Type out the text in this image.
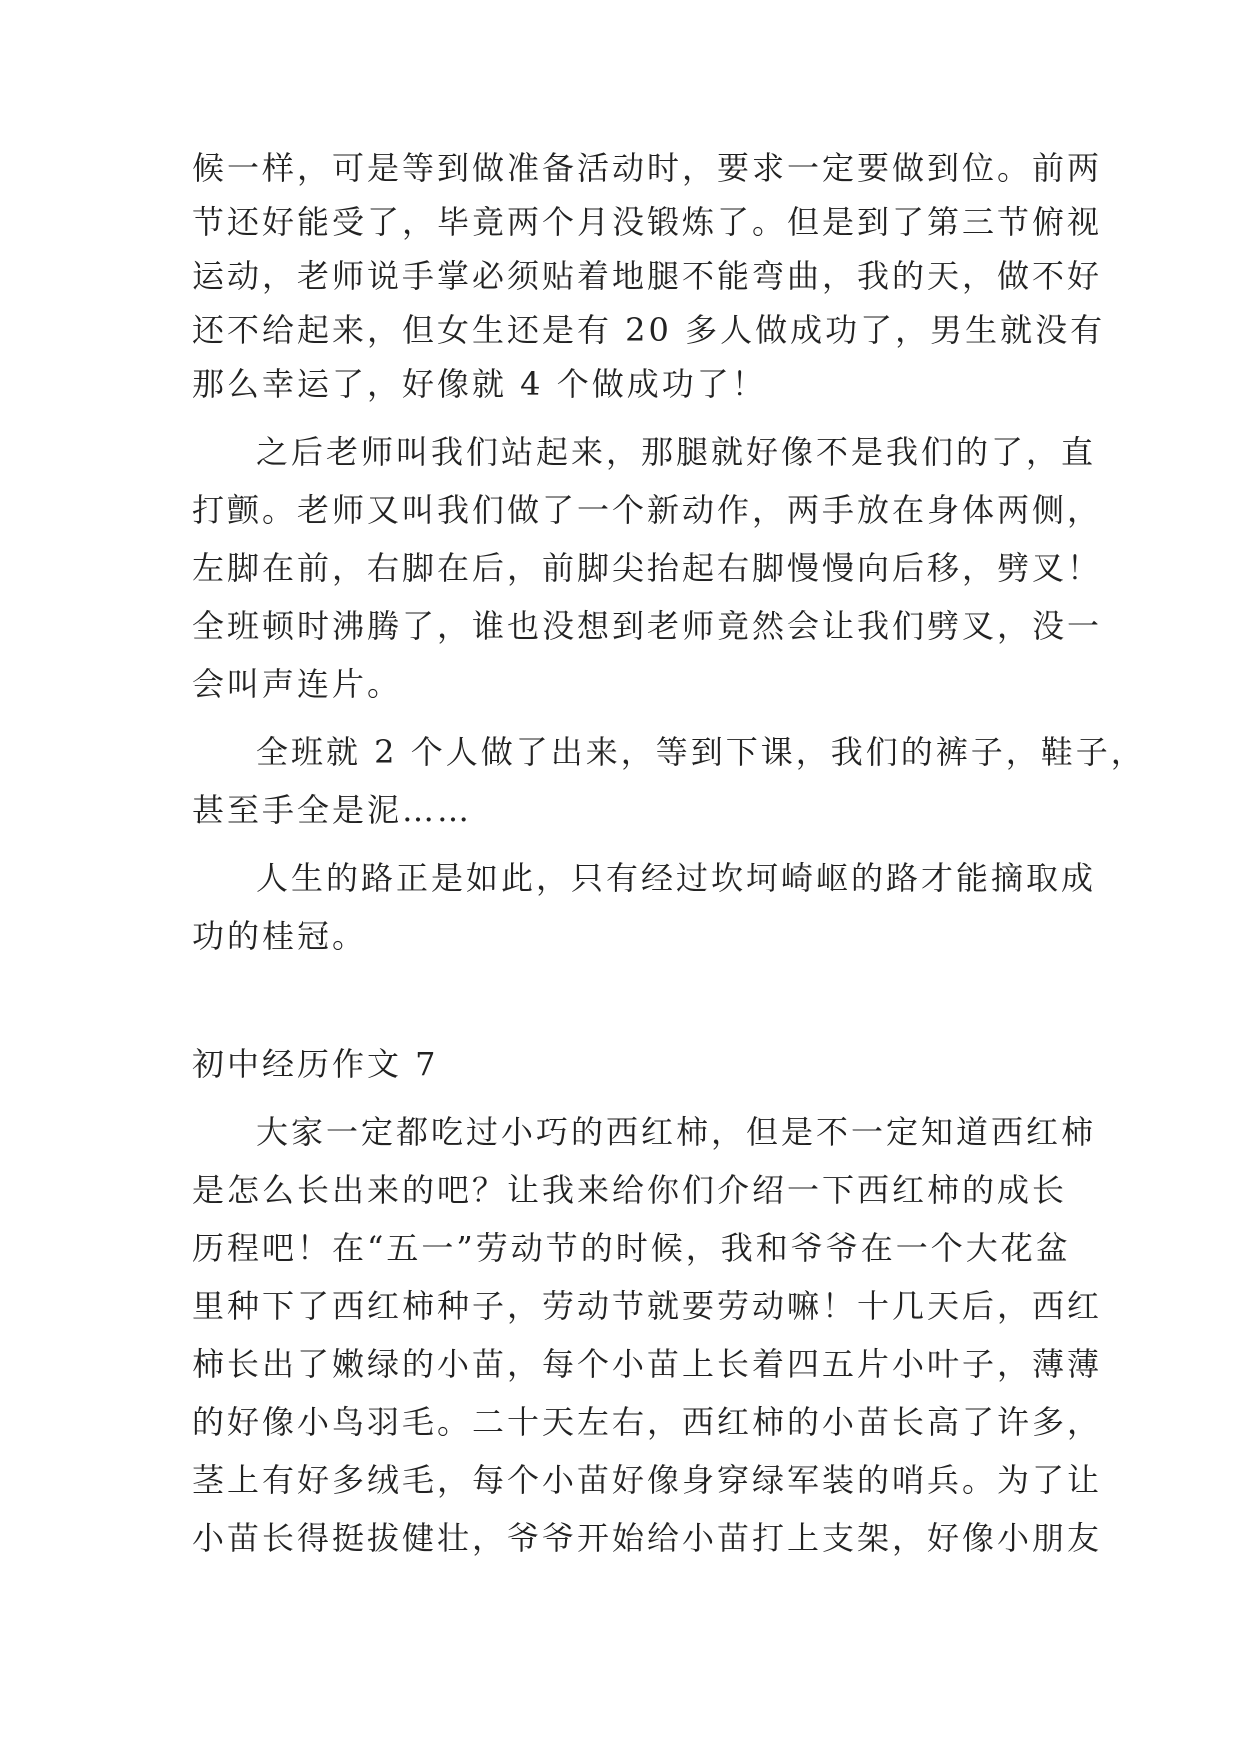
候一样，可是等到做准备活动时，要求一定要做到位。前两
节还好能受了，毕竟两个月没锻炼了。但是到了第三节俯视
运动，老师说手掌必须贴着地腿不能弯曲，我的天，做不好
还不给起来，但女生还是有 20 多人做成功了，男生就没有
那么幸运了，好像就 4 个做成功了！
之后老师叫我们站起来，那腿就好像不是我们的了，直
打颤。老师又叫我们做了一个新动作，两手放在身体两侧，
左脚在前，右脚在后，前脚尖抬起右脚慢慢向后移，劈叉！
全班顿时沸腾了，谁也没想到老师竟然会让我们劈叉，没一
会叫声连片。
全班就 2 个人做了出来，等到下课，我们的裤子，鞋子，
甚至手全是泥……
人生的路正是如此，只有经过坎坷崎岖的路才能摘取成
功的桂冠。
初中经历作文 7
大家一定都吃过小巧的西红柿，但是不一定知道西红柿
是怎么长出来的吧？让我来给你们介绍一下西红柿的成长
历程吧！在“五一”劳动节的时候，我和爷爷在一个大花盆
里种下了西红柿种子，劳动节就要劳动嘛！十几天后，西红
柿长出了嫩绿的小苗，每个小苗上长着四五片小叶子，薄薄
的好像小鸟羽毛。二十天左右，西红柿的小苗长高了许多，
茎上有好多绒毛，每个小苗好像身穿绿军装的哨兵。为了让
小苗长得挺拔健壮，爷爷开始给小苗打上支架，好像小朋友
